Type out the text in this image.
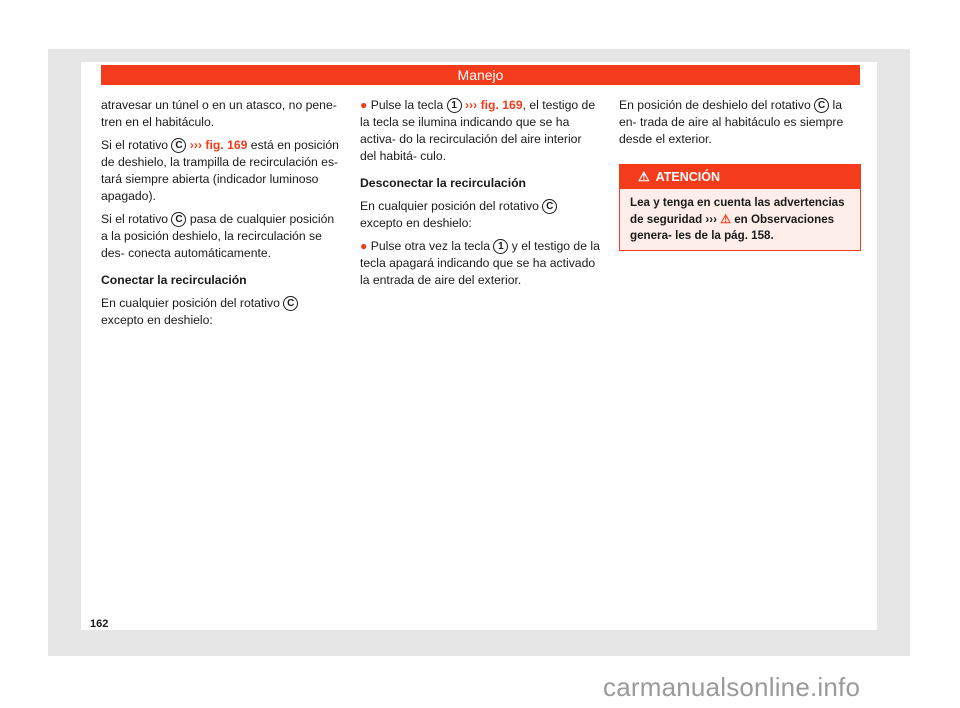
Manejo

atravesar un túnel o en un atasco, no pene- tren en el habitáculo.

Si el rotativo C ››› fig. 169 está en posición de deshielo, la trampilla de recirculación es- tará siempre abierta (indicador luminoso apagado).

Si el rotativo C pasa de cualquier posición a la posición deshielo, la recirculación se des- conecta automáticamente.

Conectar la recirculación

En cualquier posición del rotativo C excepto en deshielo:

● Pulse la tecla 1 ››› fig. 169, el testigo de la tecla se ilumina indicando que se ha activa- do la recirculación del aire interior del habitá- culo.

Desconectar la recirculación

En cualquier posición del rotativo C excepto en deshielo:

● Pulse otra vez la tecla 1 y el testigo de la tecla apagará indicando que se ha activado la entrada de aire del exterior.

En posición de deshielo del rotativo C la en- trada de aire al habitáculo es siempre desde el exterior.

⚠ ATENCIÓN
Lea y tenga en cuenta las advertencias de seguridad ››› ⚠ en Observaciones genera- les de la pág. 158.
162
carmanualsonline.info
